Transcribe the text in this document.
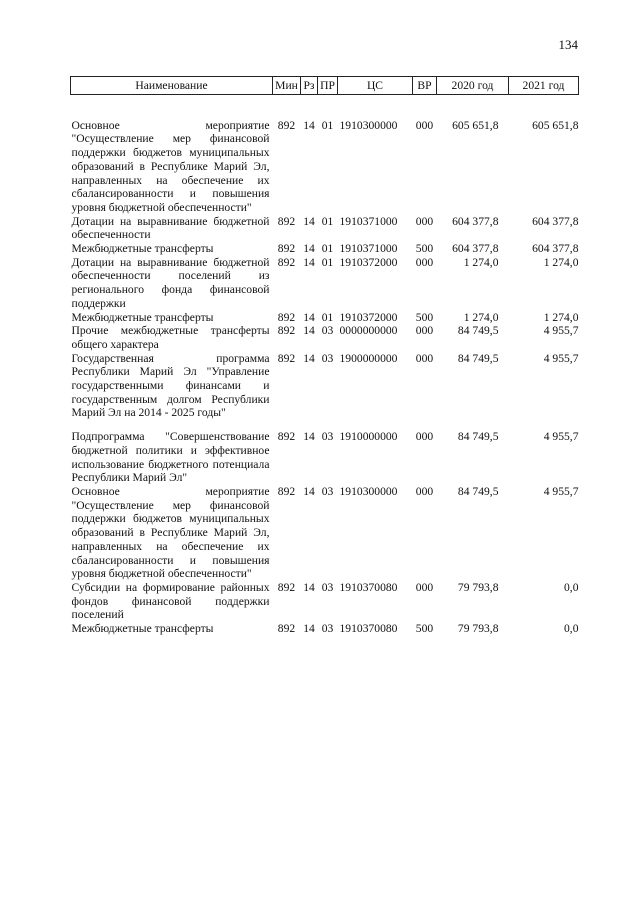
134
Наименование	Мин	Рз	ПР	ЦС	ВР	2020 год	2021 год
Основное мероприятие "Осуществление мер финансовой поддержки бюджетов муниципальных образований в Республике Марий Эл, направленных на обеспечение их сбалансированности и повышения уровня бюджетной обеспеченности"	892	14	01	1910300000	000	605 651,8	605 651,8
Дотации на выравнивание бюджетной обеспеченности	892	14	01	1910371000	000	604 377,8	604 377,8
Межбюджетные трансферты	892	14	01	1910371000	500	604 377,8	604 377,8
Дотации на выравнивание бюджетной обеспеченности поселений из регионального фонда финансовой поддержки	892	14	01	1910372000	000	1 274,0	1 274,0
Межбюджетные трансферты	892	14	01	1910372000	500	1 274,0	1 274,0
Прочие межбюджетные трансферты общего характера	892	14	03	0000000000	000	84 749,5	4 955,7
Государственная программа Республики Марий Эл "Управление государственными финансами и государственным долгом Республики Марий Эл на 2014 - 2025 годы"	892	14	03	1900000000	000	84 749,5	4 955,7
Подпрограмма "Совершенствование бюджетной политики и эффективное использование бюджетного потенциала Республики Марий Эл"	892	14	03	1910000000	000	84 749,5	4 955,7
Основное мероприятие "Осуществление мер финансовой поддержки бюджетов муниципальных образований в Республике Марий Эл, направленных на обеспечение их сбалансированности и повышения уровня бюджетной обеспеченности"	892	14	03	1910300000	000	84 749,5	4 955,7
Субсидии на формирование районных фондов финансовой поддержки поселений	892	14	03	1910370080	000	79 793,8	0,0
Межбюджетные трансферты	892	14	03	1910370080	500	79 793,8	0,0
